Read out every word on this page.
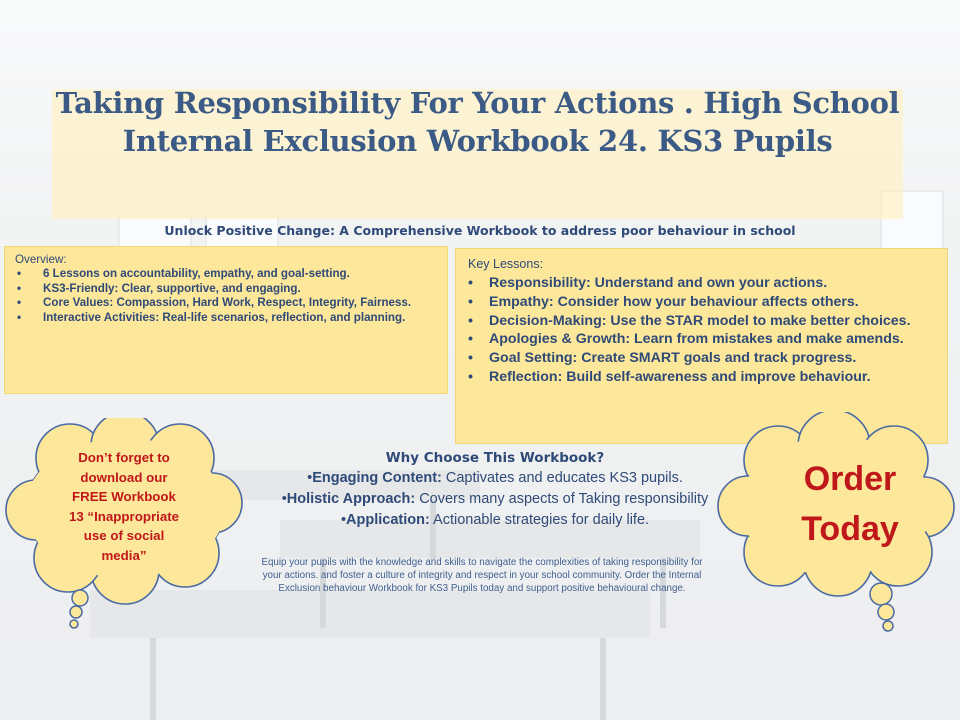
Taking Responsibility For Your Actions . High School Internal Exclusion Workbook 24. KS3 Pupils
Unlock Positive Change: A Comprehensive Workbook to address poor behaviour in school
Overview:
• 6 Lessons on accountability, empathy, and goal-setting.
• KS3-Friendly: Clear, supportive, and engaging.
• Core Values: Compassion, Hard Work, Respect, Integrity, Fairness.
• Interactive Activities: Real-life scenarios, reflection, and planning.
Key Lessons:
• Responsibility: Understand and own your actions.
• Empathy: Consider how your behaviour affects others.
• Decision-Making: Use the STAR model to make better choices.
• Apologies & Growth: Learn from mistakes and make amends.
• Goal Setting: Create SMART goals and track progress.
• Reflection: Build self-awareness and improve behaviour.
Why Choose This Workbook?
•Engaging Content: Captivates and educates KS3 pupils.
•Holistic Approach: Covers many aspects of Taking responsibility
•Application: Actionable strategies for daily life.
Equip your pupils with the knowledge and skills to navigate the complexities of taking responsibility for your actions. and foster a culture of integrity and respect in your school community. Order the Internal Exclusion behaviour Workbook for KS3 Pupils today and support positive behavioural change.
Don’t forget to
download our
FREE Workbook
13 “Inappropriate
use of social
media”
Order
Today
